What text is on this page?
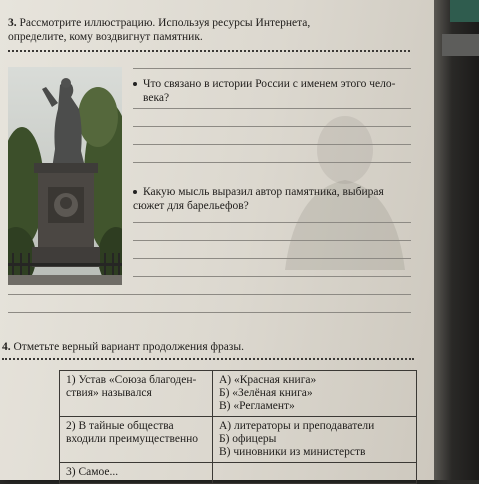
3. Рассмотрите иллюстрацию. Используя ресурсы Интернета,
определите, кому воздвигнут памятник.
Что связано в истории России с именем этого чело-
века?
Какую мысль выразил автор памятника, выбирая
сюжет для барельефов?
4. Отметьте верный вариант продолжения фразы.
1) Устав «Союза благоден-
ствия» назывался	А) «Красная книга»
Б) «Зелёная книга»
В) «Регламент»

2) В тайные общества
входили преимущественно	А) литераторы и преподаватели
Б) офицеры
В) чиновники из министерств

3) Самое...	
